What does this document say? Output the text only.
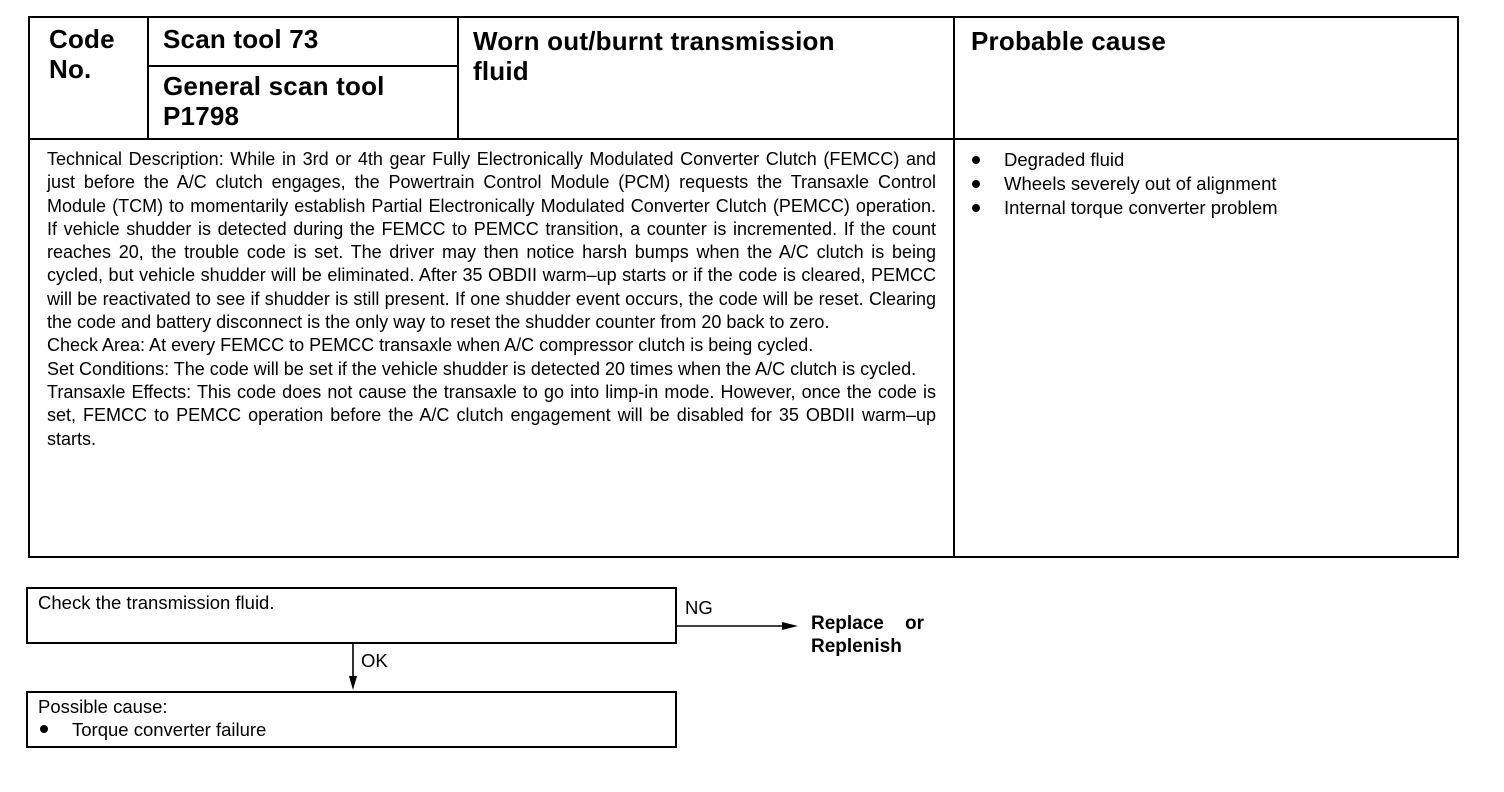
Code
No.
Scan tool 73
General scan tool
P1798
Worn out/burnt transmission
fluid
Probable cause

Technical Description: While in 3rd or 4th gear Fully Electronically Modulated Converter Clutch (FEMCC) and just before the A/C clutch engages, the Powertrain Control Module (PCM) requests the Transaxle Control Module (TCM) to momentarily establish Partial Electronically Modulated Converter Clutch (PEMCC) operation. If vehicle shudder is detected during the FEMCC to PEMCC transition, a counter is incremented. If the count reaches 20, the trouble code is set. The driver may then notice harsh bumps when the A/C clutch is being cycled, but vehicle shudder will be eliminated. After 35 OBDII warm–up starts or if the code is cleared, PEMCC will be reactivated to see if shudder is still present. If one shudder event occurs, the code will be reset. Clearing the code and battery disconnect is the only way to reset the shudder counter from 20 back to zero.

Check Area: At every FEMCC to PEMCC transaxle when A/C compressor clutch is being cycled.

Set Conditions: The code will be set if the vehicle shudder is detected 20 times when the A/C clutch is cycled.

Transaxle Effects: This code does not cause the transaxle to go into limp-in mode. However, once the code is set, FEMCC to PEMCC operation before the A/C clutch engagement will be disabled for 35 OBDII warm–up starts.

Degraded fluid
Wheels severely out of alignment
Internal torque converter problem
Check the transmission fluid.	NG
Replace    or
Replenish
OK
Possible cause:
Torque converter failure
